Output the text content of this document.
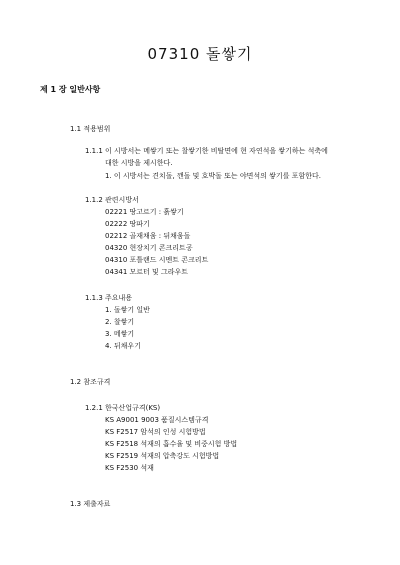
07310 돌쌓기
제 1 장 일반사항
1.1 적용범위
1.1.1 이 시방서는 메쌓기 또는 찰쌓기한 비탈면에 현 자연석을 쌓기하는 석축에
대한 시방을 제시한다.
1. 이 시방서는 견치돌, 깬돌 및 호박돌 또는 야면석의 쌓기를 포함한다.
1.1.2 관련시방서
02221 땅고르기 : 흙쌓기
02222 땅파기
02212 골재채움 : 뒤채움돌
04320 현장치기 콘크리트공
04310 포틀랜드 시멘트 콘크리트
04341 모르터 및 그라우트
1.1.3 주요내용
1. 돌쌓기 일반
2. 찰쌓기
3. 메쌓기
4. 뒤채우기
1.2 참조규격
1.2.1 한국산업규격(KS)
KS A9001 9003 품질시스템규격
KS F2517 암석의 인성 시험방법
KS F2518 석재의 흡수율 및 비중시험 방법
KS F2519 석재의 압축강도 시험방법
KS F2530 석재
1.3 제출자료
